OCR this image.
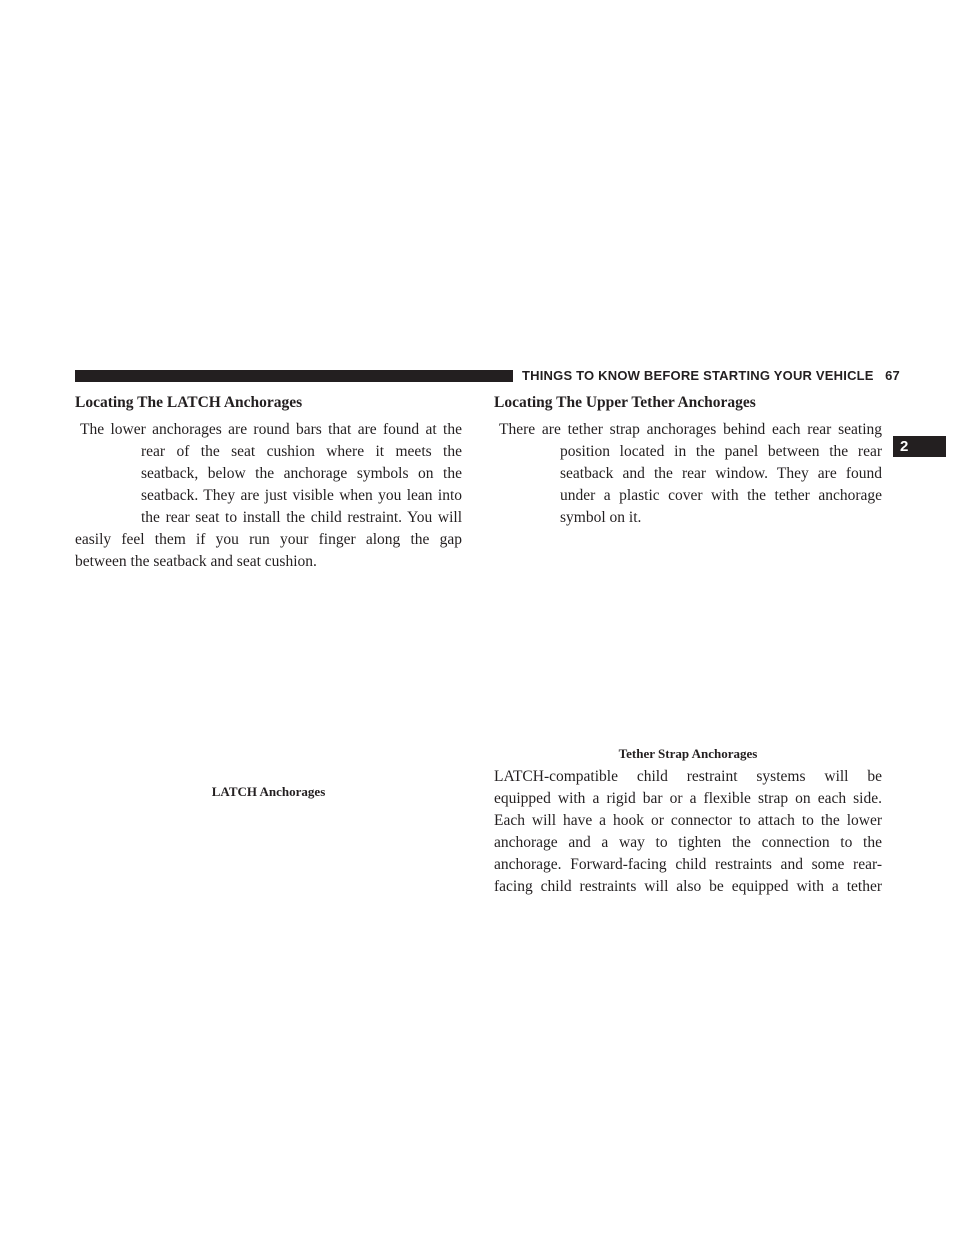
THINGS TO KNOW BEFORE STARTING YOUR VEHICLE 67
2
Locating The LATCH Anchorages
The lower anchorages are round bars that are found at the
rear of the seat cushion where it meets the
seatback, below the anchorage symbols on the
seatback. They are just visible when you lean into
the rear seat to install the child restraint. You will
easily feel them if you run your finger along the gap
between the seatback and seat cushion.
LATCH Anchorages
Locating The Upper Tether Anchorages
There are tether strap anchorages behind each rear seating
position located in the panel between the rear
seatback and the rear window. They are found
under a plastic cover with the tether anchorage
symbol on it.
Tether Strap Anchorages
LATCH-compatible child restraint systems will be
equipped with a rigid bar or a flexible strap on each side.
Each will have a hook or connector to attach to the lower
anchorage and a way to tighten the connection to the
anchorage. Forward-facing child restraints and some rear-
facing child restraints will also be equipped with a tether
